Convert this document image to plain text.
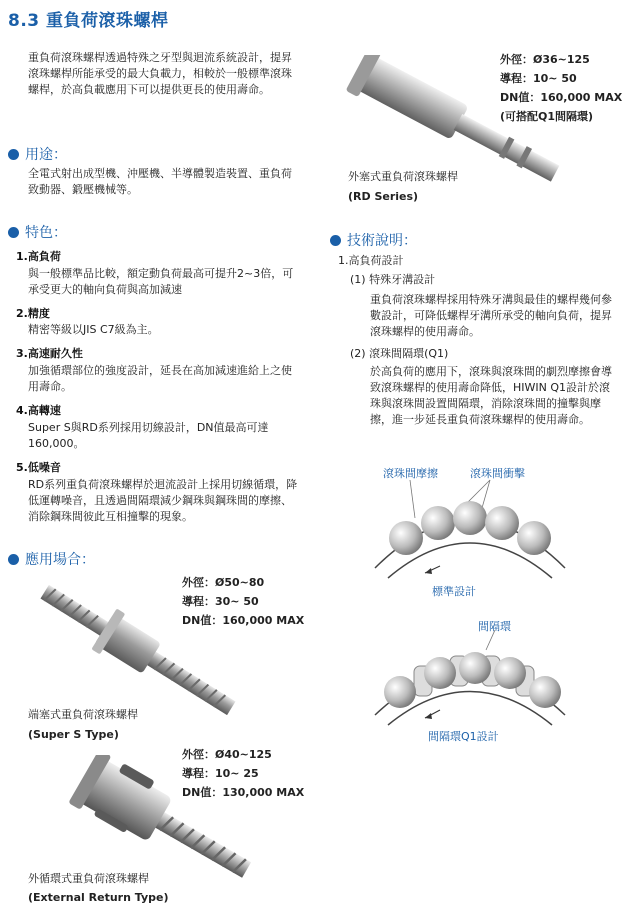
8.3 重負荷滾珠螺桿
重負荷滾珠螺桿透過特殊之牙型與迴流系統設計，提昇滾珠螺桿所能承受的最大負載力，相較於一般標準滾珠螺桿，於高負載應用下可以提供更長的使用壽命。
用途：
全電式射出成型機、沖壓機、半導體製造裝置、重負荷致動器、鍛壓機械等。
特色：
1.高負荷
與一般標準品比較，額定動負荷最高可提升2~3倍，可承受更大的軸向負荷與高加減速
2.精度
精密等級以JIS C7級為主。
3.高速耐久性
加強循環部位的強度設計，延長在高加減速進給上之使用壽命。
4.高轉速
Super S與RD系列採用切線設計，DN值最高可達160,000。
5.低噪音
RD系列重負荷滾珠螺桿於迴流設計上採用切線循環，降低運轉噪音，且透過間隔環減少鋼珠與鋼珠間的摩擦、消除鋼珠間彼此互相撞擊的現象。
應用場合：
外徑：Ø50~80
導程：30~ 50
DN值：160,000 MAX
端塞式重負荷滾珠螺桿
(Super S Type)
外徑：Ø40~125
導程：10~ 25
DN值：130,000 MAX
外循環式重負荷滾珠螺桿
(External Return Type)
外徑：Ø36~125
導程：10~ 50
DN值：160,000 MAX
(可搭配Q1間隔環)
外塞式重負荷滾珠螺桿
(RD Series)
技術說明：
1.高負荷設計
(1) 特殊牙溝設計
重負荷滾珠螺桿採用特殊牙溝與最佳的螺桿幾何參數設計，可降低螺桿牙溝所承受的軸向負荷，提昇滾珠螺桿的使用壽命。
(2) 滾珠間隔環(Q1)
於高負荷的應用下，滾珠與滾珠間的劇烈摩擦會導致滾珠螺桿的使用壽命降低，HIWIN Q1設計於滾珠與滾珠間設置間隔環，消除滾珠間的撞擊與摩擦，進一步延長重負荷滾珠螺桿的使用壽命。
滾珠間摩擦	滾珠間衝擊
標準設計
間隔環
間隔環Q1設計
